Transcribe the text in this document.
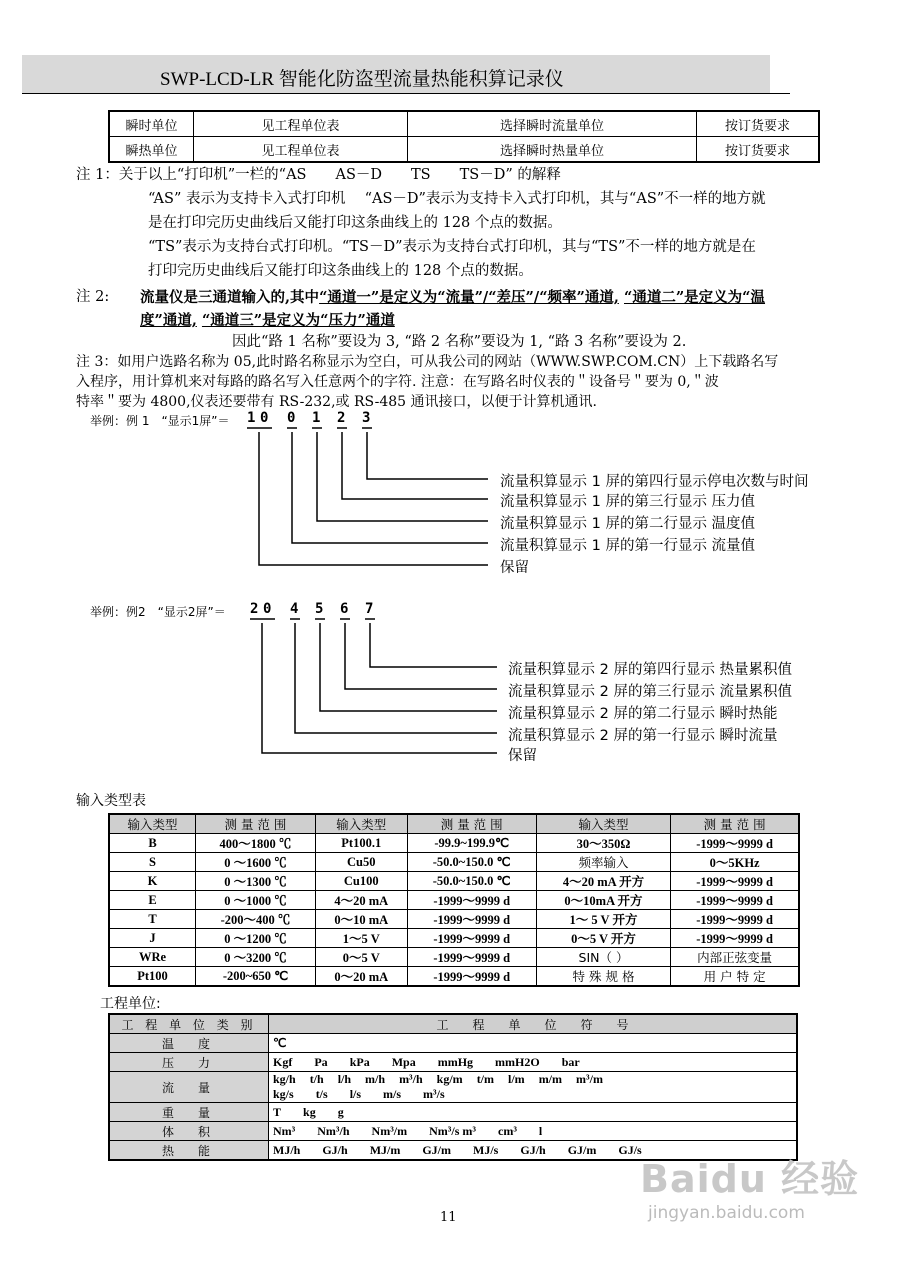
SWP-LCD-LR 智能化防盗型流量热能积算记录仪
瞬时单位	见工程单位表	选择瞬时流量单位	按订货要求
瞬热单位	见工程单位表	选择瞬时热量单位	按订货要求
注 1：关于以上“打印机”一栏的“AS　　AS－D　　TS　　TS－D” 的解释
“AS” 表示为支持卡入式打印机 　“AS－D”表示为支持卡入式打印机，其与“AS”不一样的地方就
是在打印完历史曲线后又能打印这条曲线上的 128 个点的数据。
“TS”表示为支持台式打印机。“TS－D”表示为支持台式打印机，其与“TS”不一样的地方就是在
打印完历史曲线后又能打印这条曲线上的 128 个点的数据。
注 2: 流量仪是三通道输入的,其中“通道一”是定义为“流量”/“差压”/“频率”通道, “通道二”是定义为“温
度”通道, “通道三”是定义为“压力”通道
因此“路 1 名称”要设为 3, “路 2 名称”要设为 1, “路 3 名称”要设为 2.
注 3：如用户选路名称为 05,此时路名称显示为空白，可从我公司的网站（WWW.SWP.COM.CN）上下载路名写
入程序，用计算机来对每路的路名写入任意两个的字符. 注意：在写路名时仪表的＂设备号＂要为 0,＂波
特率＂要为 4800,仪表还要带有 RS-232,或 RS-485 通讯接口，以便于计算机通讯.
举例：例 1　“显示1屏”＝ 1 0 0 1 2 3
流量积算显示 1 屏的第四行显示停电次数与时间
流量积算显示 1 屏的第三行显示 压力值
流量积算显示 1 屏的第二行显示 温度值
流量积算显示 1 屏的第一行显示 流量值
保留
举例：例2　“显示2屏”＝ 2 0 4 5 6 7
流量积算显示 2 屏的第四行显示 热量累积值
流量积算显示 2 屏的第三行显示 流量累积值
流量积算显示 2 屏的第二行显示 瞬时热能
流量积算显示 2 屏的第一行显示 瞬时流量
保留
输入类型表
输入类型	测 量 范 围	输入类型	测 量 范 围	输入类型	测 量 范 围
B	400～1800 ℃	Pt100.1	-99.9~199.9℃	30～350Ω	-1999～9999 d
S	0 ～1600 ℃	Cu50	-50.0~150.0 ℃	频率输入	0～5KHz
K	0 ～1300 ℃	Cu100	-50.0~150.0 ℃	4～20 mA 开方	-1999～9999 d
E	0 ～1000 ℃	4～20 mA	-1999～9999 d	0～10mA 开方	-1999～9999 d
T	-200～400 ℃	0～10 mA	-1999～9999 d	1～ 5 V 开方	-1999～9999 d
J	0 ～1200 ℃	1～5 V	-1999～9999 d	0～5 V 开方	-1999～9999 d
WRe	0 ～3200 ℃	0～5 V	-1999～9999 d	SIN（ ）	内部正弦变量
Pt100	-200~650 ℃	0～20 mA	-1999～9999 d	特 殊 规 格	用 户 特 定
工程单位:
工 程 单 位 类 别	工　　程　　单　　位　　符　　号
温　度	℃

压　力	Kgf Pa kPa Mpa mmHg mmH2O bar

流　量	kg/h t/h l/h m/h m³/h kg/m t/m l/m m/m m³/m
kg/s t/s l/s m/s m³/s

重　量	T kg g

体　积	Nm³ Nm³/h Nm³/m Nm³/s m³ cm³ l

热　能	MJ/h GJ/h MJ/m GJ/m MJ/s GJ/h GJ/m GJ/s
11
Baidu 经验
jingyan.baidu.com
